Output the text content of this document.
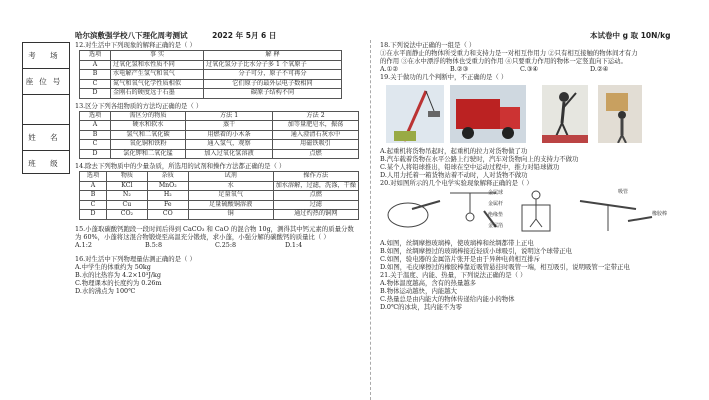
哈尔滨敷强学校八下理化周考测试	2022 年 5月 6 日	本试卷中 g 取 10N/kg
考 场
座位号
姓 名
班 级

12.对生活中下列现象的解释正确的是（ ）

选项	事 实	解 释
A	过氧化氢和水性质不同	过氧化氢分子比水分子多 1 个氧原子
B	水电解产生氢气和氧气	分子可分，原子不可再分
C	氮气和氧气化学性质相似	它们原子的最外层电子数相同
D	金刚石的硬度远于石墨	碳原子结构不同

13.区分下列各组物质的方法均正确的是（ ）

选项	需区分的物质	方法 1	方法 2
A	硬水和软水	蒸干	加等量肥皂水，振荡
B	氢气和二氧化碳	用燃着的小木条	通入澄清石灰水中
C	氧化铜和铁粉	通入氢气，观察	用磁铁吸引
D	氯化钾和二氧化锰	加入过氧化氢溶液	点燃

14.除去下列物质中的少量杂质，所选用的试剂和操作方法都正确的是（ ）

选项	物质	杂质	试剂	操作方法
A	KCl	MnO₂	水	加水溶解，过滤，洗涤，干燥
B	N₂	H₂	足量氧气	点燃
C	Cu	Fe	足量硫酸铜溶液	过滤
D	CO₂	CO	铜	通过灼热的铜网

15.小蓬取碳酸钙跑段一段时间后得到 CaCO₃ 和 CaO 的混合物 10g，测得其中钙元素的质量分数

为 60%，小蓬将这混合物锻烧至高温充分锻烧，求小蓬，小强分解的碳酸钙的质量比（ ）

A.1:2	B.5:8	C.25:8	D.1:4

16.对生活中下列物理量估测正确的是（ ）

A.中学生的体重约为 50kg

B.水的比热容为 4.2×10³J/kg

C.物理课本的长度约为 0.26m

D.水的沸点为 100℃

18.下列说法中正确的一组是（ ）

①在水平面静止的物体所受重力和支持力是一对相互作用力 ②只有相互接触的物体间才有力

的作用 ③在水中漂浮的物体也受重力的作用 ④只要重力作用的物体一定竖直向下运动。

A.①②	B.②③	C.③④	D.②④

19.关于做功的几个判断中，不正确的是（ ）

A.起重机将货物吊起时，起重机的拉力对货物做了功

B.汽车载着货物在水平公路上行驶时，汽车对货物向上的支持力不做功

C.某个人将铅球推出，铅球在空中运动过程中，推力对铅球做功

D.人用力托着一箱货物站着不动时，人对货物不做功

20.对如图所示的几个电学实验现象解释正确的是（ ）

金属球
金属杆
绝缘垫
金属箔
吸管
橡胶棒

A.如图，丝绸摩擦玻璃棒，使玻璃棒和丝绸都带上正电

B.如图，丝绸摩擦过的玻璃棒接近轻质小球吸引，说明这个球带正电

C.如图，验电器的金属箔片张开是由于异种电荷相互排斥

D.如图，毛皮摩擦过的橡胶棒靠近吸管悬挂时吸管一端，相互吸引，说明吸管一定带正电

21.关于温度、内能、热量，下列说法正确的是（ ）

A.物体温度越高，含有的热量越多

B.物体运动越快，内能越大

C.热量总是由内能大的物体传递给内能小的物体

D.0℃的冰块，其内能不为零
